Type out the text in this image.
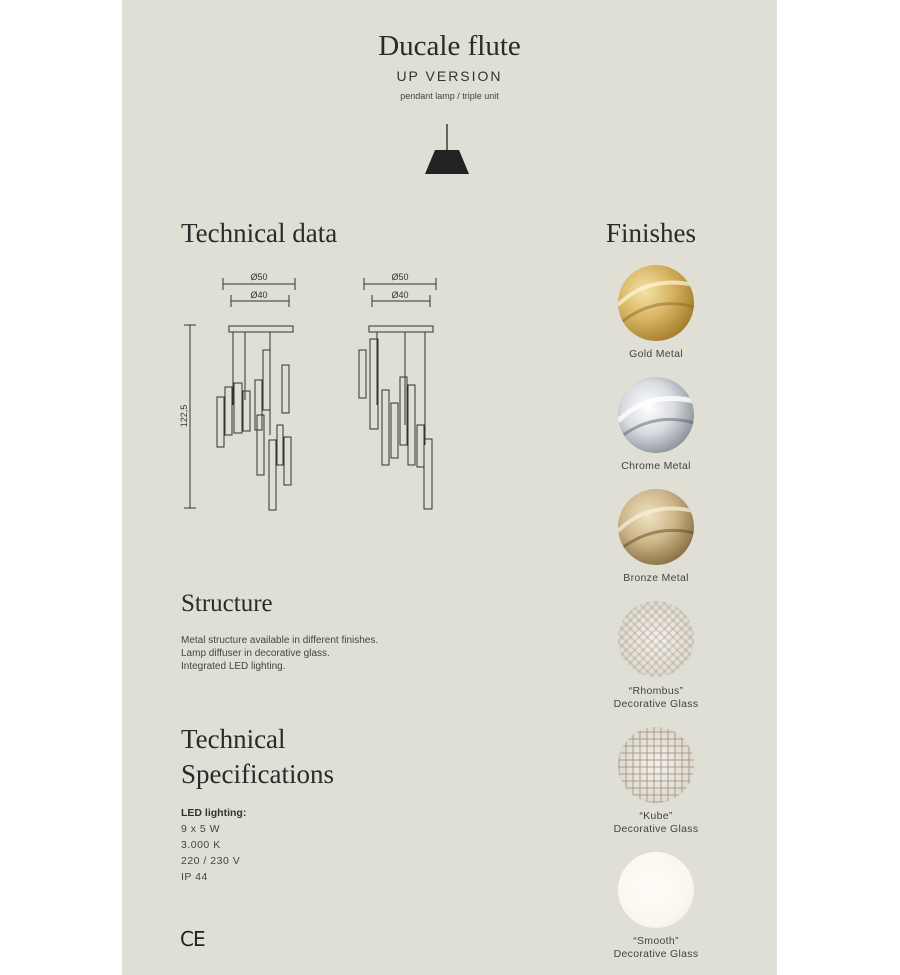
Ducale flute
UP VERSION
pendant lamp / triple unit
Technical data	Finishes
Ø50
Ø40
Ø50
Ø40
122,5
Structure
Metal structure available in different finishes.
Lamp diffuser in decorative glass.
Integrated LED lighting.
Technical
Specifications
LED lighting:
9 x 5 W
3.000 K
220 / 230 V
IP 44
CE
Gold Metal
Chrome Metal
Bronze Metal
“Rhombus”
Decorative Glass
“Kube”
Decorative Glass
“Smooth”
Decorative Glass
